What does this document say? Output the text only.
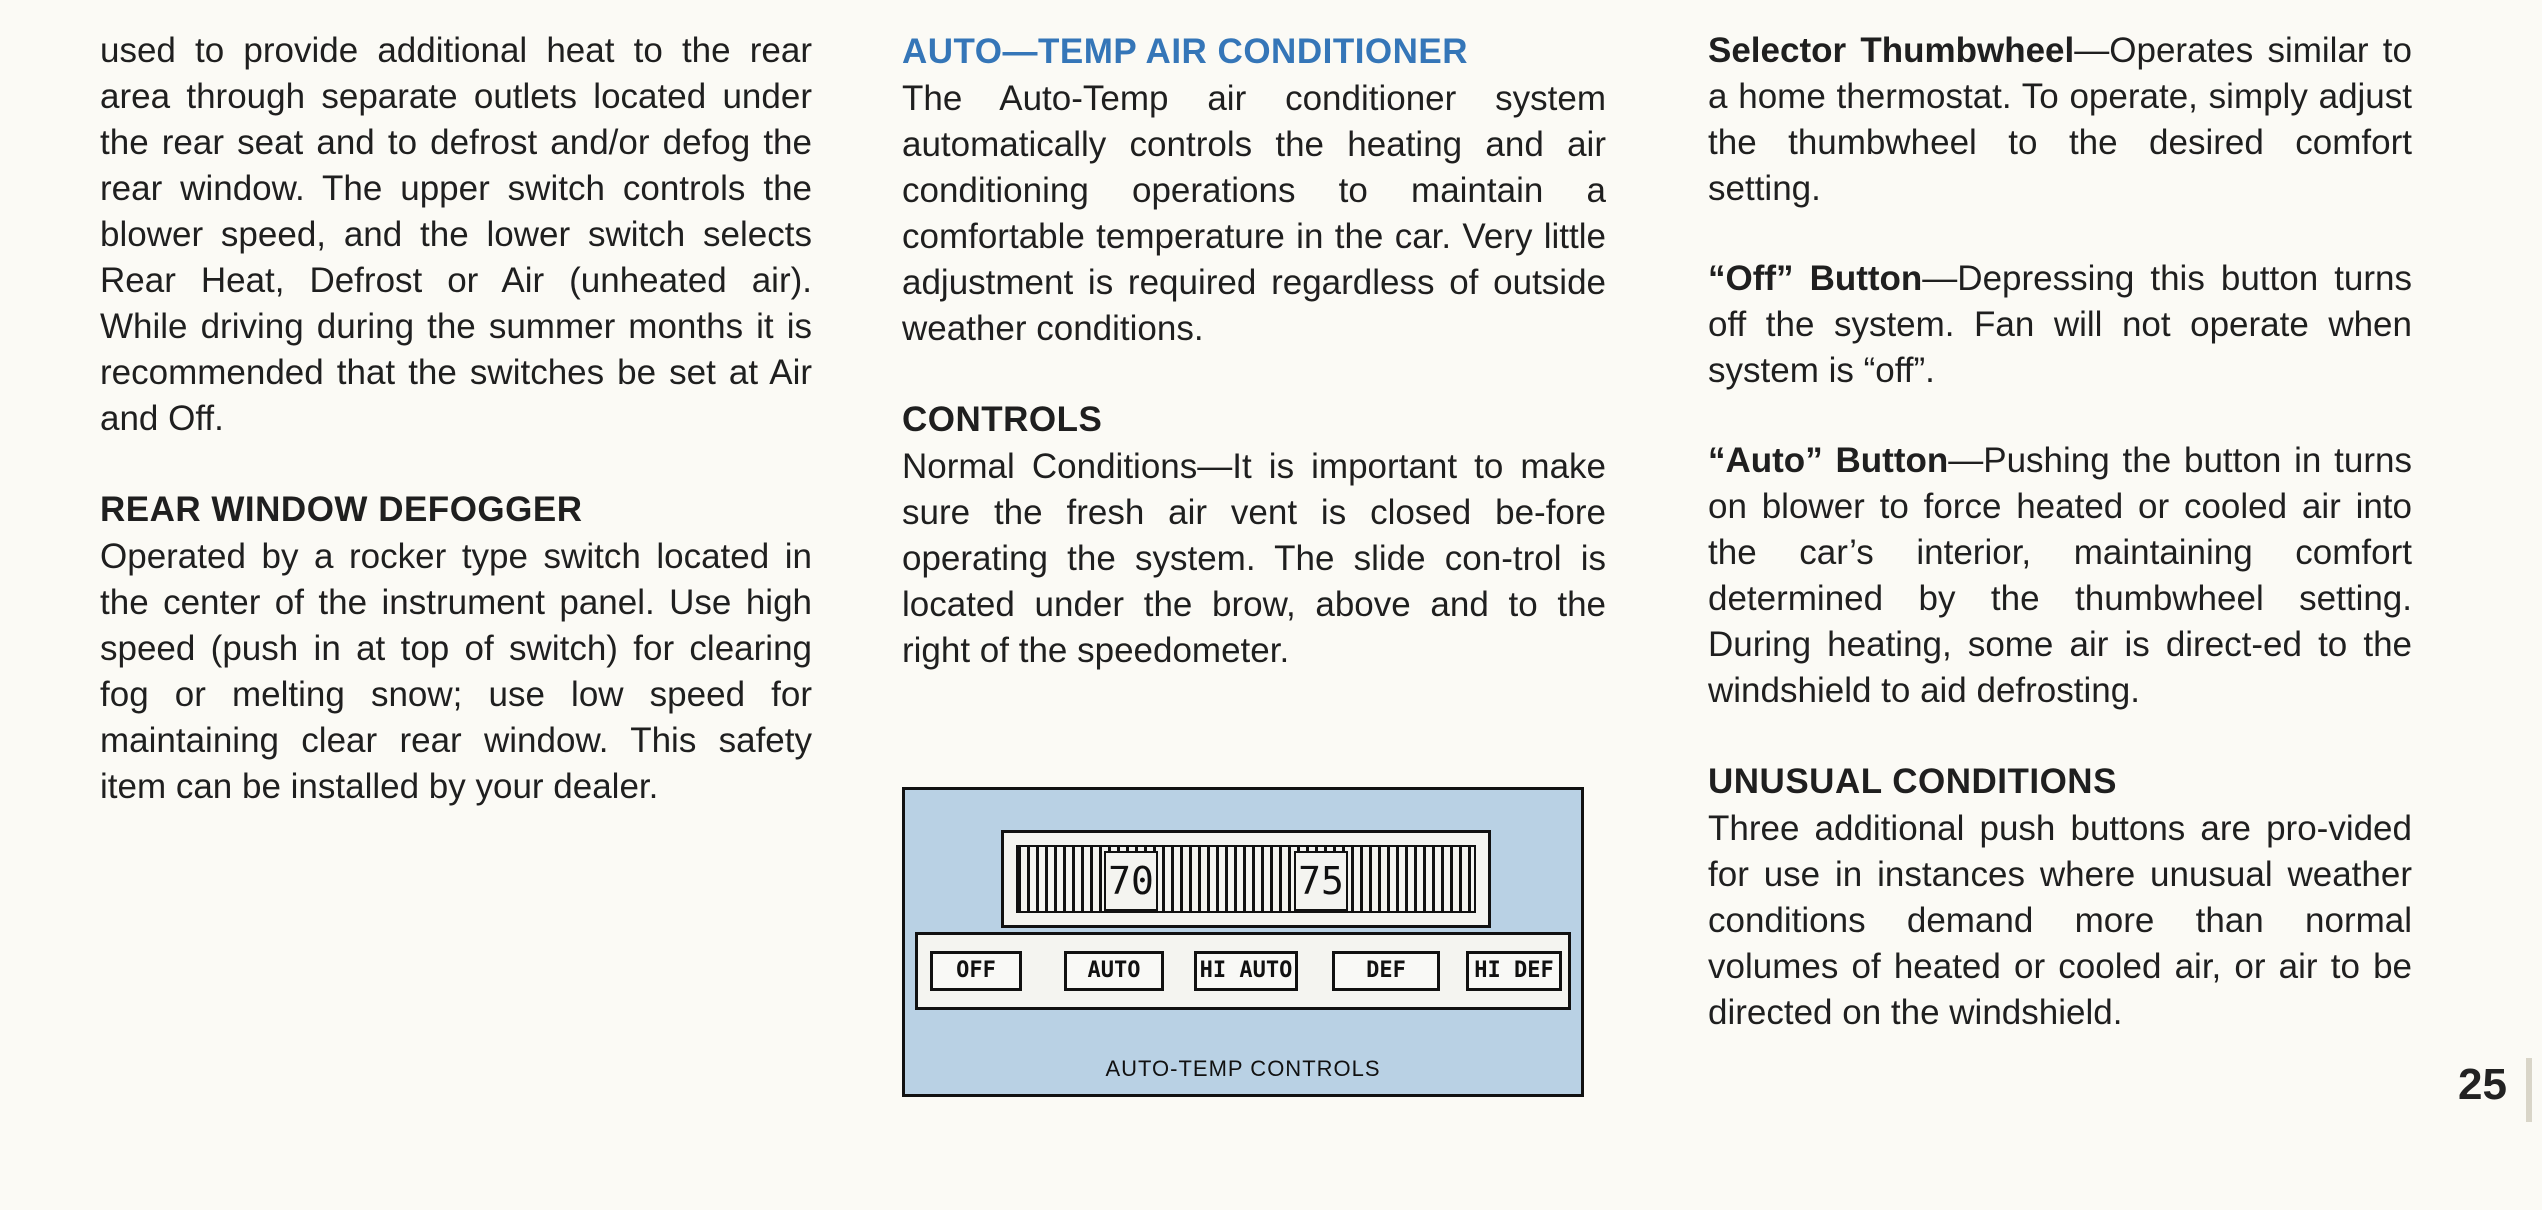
used to provide additional heat to the rear area through separate outlets located under the rear seat and to defrost and/or defog the rear window. The upper switch controls the blower speed, and the lower switch selects Rear Heat, Defrost or Air (unheated air). While driving during the summer months it is recommended that the switches be set at Air and Off.

REAR WINDOW DEFOGGER

Operated by a rocker type switch located in the center of the instrument panel. Use high speed (push in at top of switch) for clearing fog or melting snow; use low speed for maintaining clear rear window. This safety item can be installed by your dealer.

AUTO—TEMP AIR CONDITIONER

The Auto-Temp air conditioner system automatically controls the heating and air conditioning operations to maintain a comfortable temperature in the car. Very little adjustment is required regardless of outside weather conditions.

CONTROLS

Normal Conditions—It is important to make sure the fresh air vent is closed be-fore operating the system. The slide con-trol is located under the brow, above and to the right of the speedometer.

70	75
OFF	AUTO	HI AUTO	DEF	HI DEF
AUTO-TEMP CONTROLS

Selector Thumbwheel—Operates similar to a home thermostat. To operate, simply adjust the thumbwheel to the desired comfort setting.

“Off” Button—Depressing this button turns off the system. Fan will not operate when system is “off”.

“Auto” Button—Pushing the button in turns on blower to force heated or cooled air into the car’s interior, maintaining comfort determined by the thumbwheel setting. During heating, some air is direct-ed to the windshield to aid defrosting.

UNUSUAL CONDITIONS

Three additional push buttons are pro-vided for use in instances where unusual weather conditions demand more than normal volumes of heated or cooled air, or air to be directed on the windshield.

25
